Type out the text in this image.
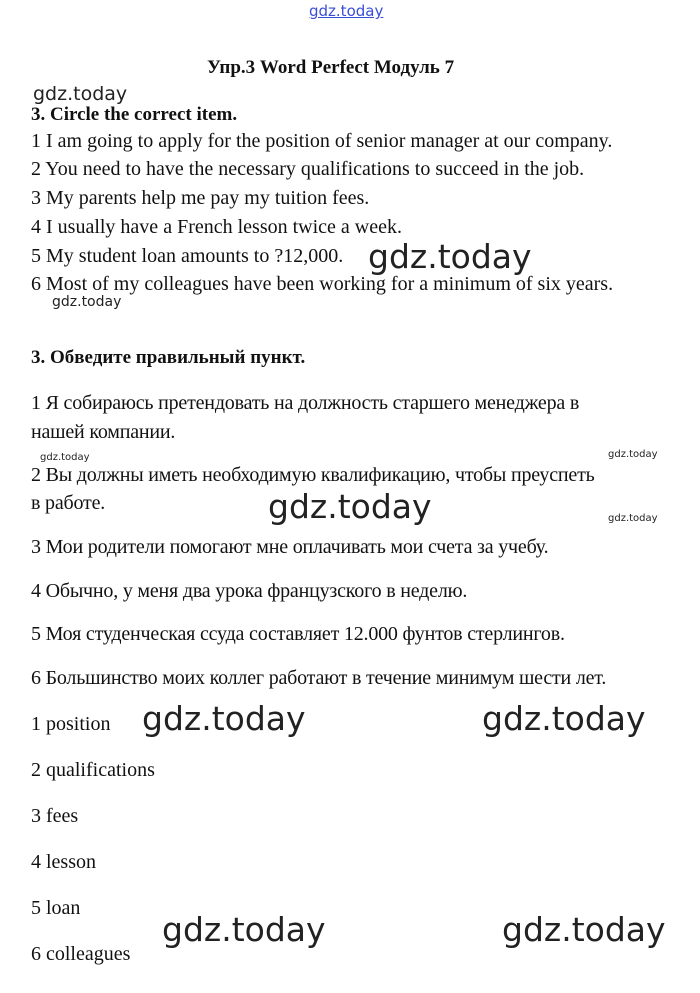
gdz.today
Упр.3 Word Perfect Модуль 7
gdz.today
3. Circle the correct item.
1 I am going to apply for the position of senior manager at our company.
2 You need to have the necessary qualifications to succeed in the job.
3 My parents help me pay my tuition fees.
4 I usually have a French lesson twice a week.
5 My student loan amounts to ?12,000. gdz.today
6 Most of my colleagues have been working for a minimum of six years.
gdz.today
3. Обведите правильный пункт.
1 Я собираюсь претендовать на должность старшего менеджера в
нашей компании.
gdz.today	gdz.today
2 Вы должны иметь необходимую квалификацию, чтобы преуспеть
в работе.	gdz.today	gdz.today
3 Мои родители помогают мне оплачивать мои счета за учебу.
4 Обычно, у меня два урока французского в неделю.
5 Моя студенческая ссуда составляет 12.000 фунтов стерлингов.
6 Большинство моих коллег работают в течение минимум шести лет.
1 position gdz.today	gdz.today
2 qualifications
3 fees
4 lesson
5 loan
gdz.today	gdz.today
6 colleagues
